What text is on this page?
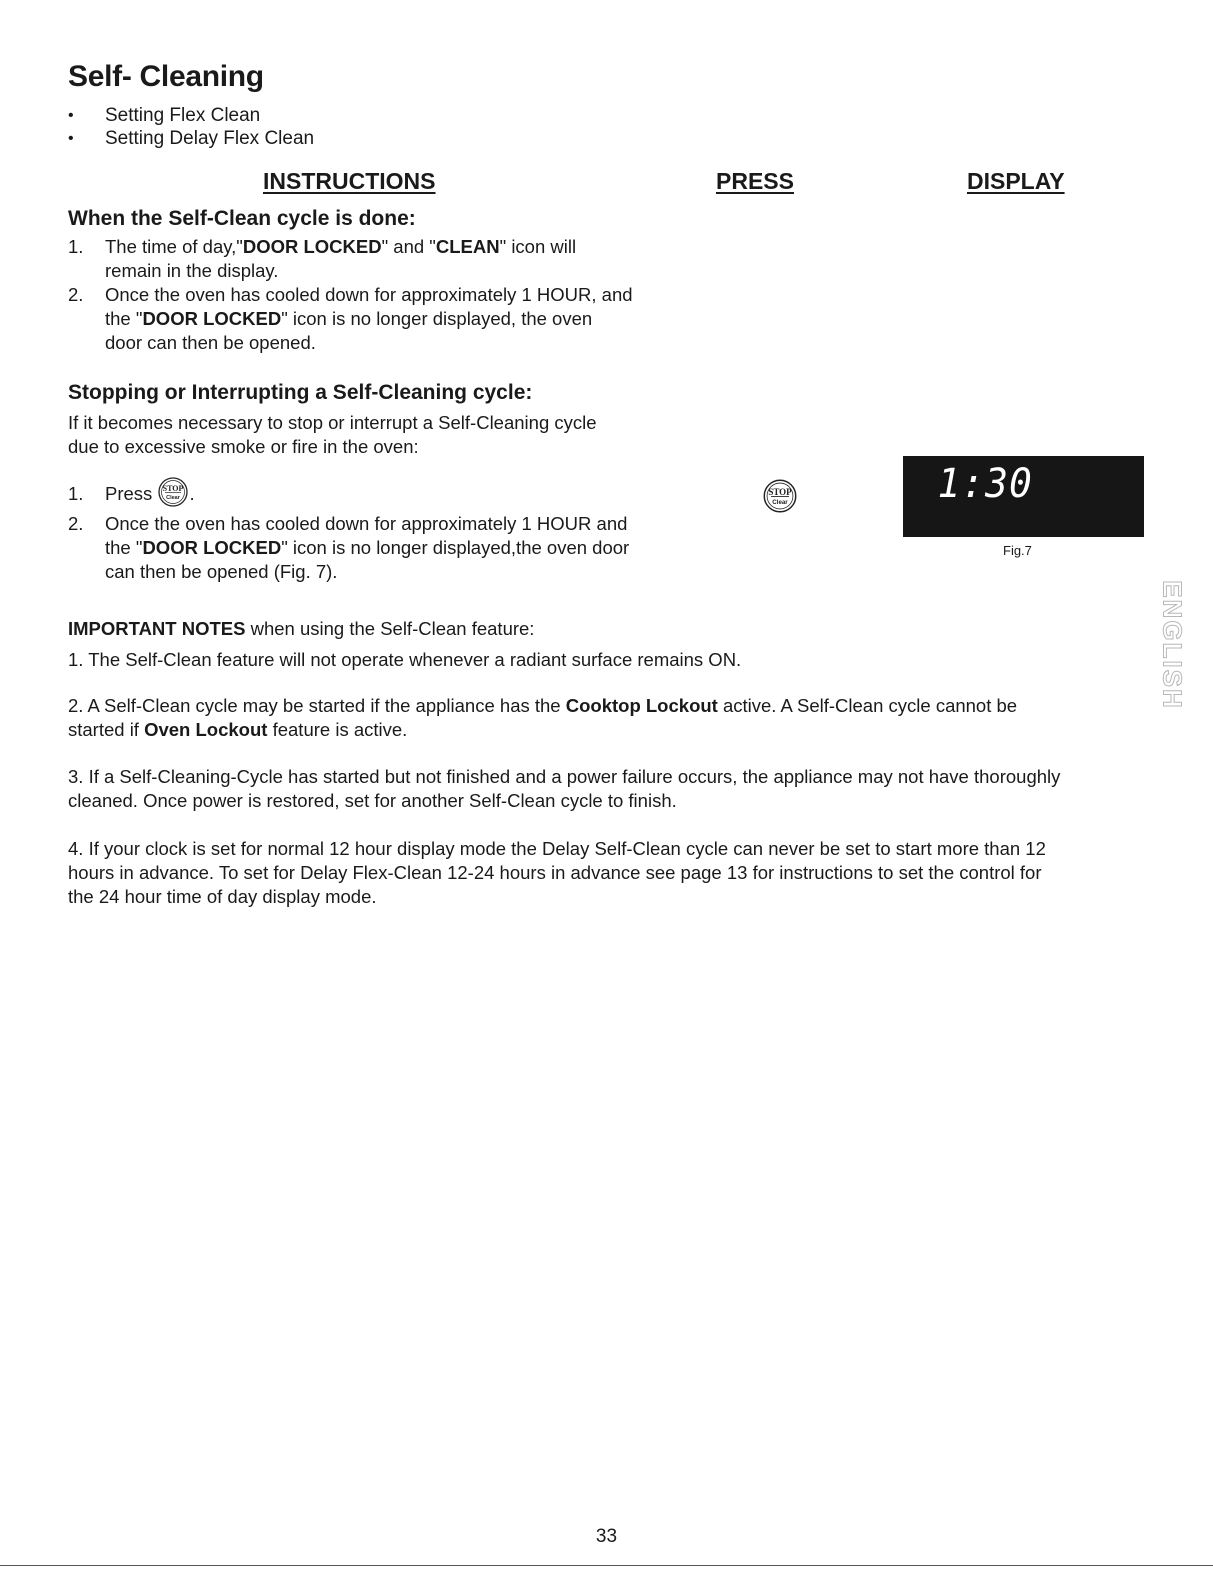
Self- Cleaning
• Setting Flex Clean
• Setting Delay Flex Clean
INSTRUCTIONS	PRESS	DISPLAY
When the Self-Clean cycle is done:
1. The time of day,"DOOR LOCKED" and "CLEAN" icon will
remain in the display.
2. Once the oven has cooled down for approximately 1 HOUR, and
the "DOOR LOCKED" icon is no longer displayed, the oven
door can then be opened.
Stopping or Interrupting a Self-Cleaning cycle:
If it becomes necessary to stop or interrupt a Self-Cleaning cycle
due to excessive smoke or fire in the oven:
1. Press STOP
Clear .
2. Once the oven has cooled down for approximately 1 HOUR and
the "DOOR LOCKED" icon is no longer displayed,the oven door
can then be opened (Fig. 7).
STOP
Clear	1:30
Fig.7
ENGLISH
IMPORTANT NOTES when using the Self-Clean feature:
1. The Self-Clean feature will not operate whenever a radiant surface remains ON.
2. A Self-Clean cycle may be started if the appliance has the Cooktop Lockout active. A Self-Clean cycle cannot be
started if Oven Lockout feature is active.
3. If a Self-Cleaning-Cycle has started but not finished and a power failure occurs, the appliance may not have thoroughly
cleaned. Once power is restored, set for another Self-Clean cycle to finish.
4. If your clock is set for normal 12 hour display mode the Delay Self-Clean cycle can never be set to start more than 12
hours in advance. To set for Delay Flex-Clean 12-24 hours in advance see page 13 for instructions to set the control for
the 24 hour time of day display mode.
33
